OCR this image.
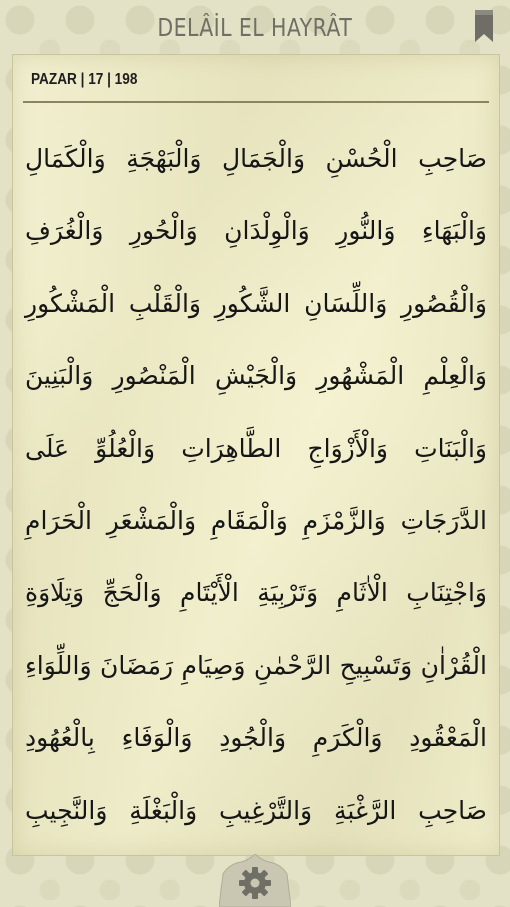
DELÂİL EL HAYRÂT
PAZAR | 17 | 198
صَاحِبِ الْحُسْنِ وَالْجَمَالِ وَالْبَهْجَةِ وَالْكَمَالِ
وَالْبَهَاءِ وَالنُّورِ وَالْوِلْدَانِ وَالْحُورِ وَالْغُرَفِ
وَالْقُصُورِ وَاللِّسَانِ الشَّكُورِ وَالْقَلْبِ الْمَشْكُورِ
وَالْعِلْمِ الْمَشْهُورِ وَالْجَيْشِ الْمَنْصُورِ وَالْبَنِينَ
وَالْبَنَاتِ وَالْأَزْوَاجِ الطَّاهِرَاتِ وَالْعُلُوِّ عَلَى
الدَّرَجَاتِ وَالزَّمْزَمِ وَالْمَقَامِ وَالْمَشْعَرِ الْحَرَامِ
وَاجْتِنَابِ الْاٰثَامِ وَتَرْبِيَةِ الْأَيْتَامِ وَالْحَجِّ وَتِلَاوَةِ
الْقُرْاٰنِ وَتَسْبِيحِ الرَّحْمٰنِ وَصِيَامِ رَمَضَانَ وَاللِّوَاءِ
الْمَعْقُودِ وَالْكَرَمِ وَالْجُودِ وَالْوَفَاءِ بِالْعُهُودِ
صَاحِبِ الرَّغْبَةِ وَالتَّرْغِيبِ وَالْبَغْلَةِ وَالنَّجِيبِ
